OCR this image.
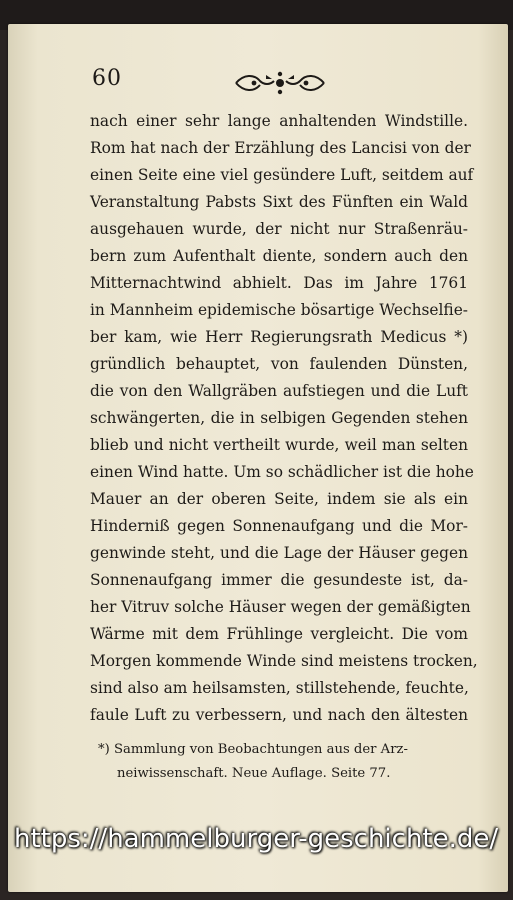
60
nach einer sehr lange anhaltenden Windstille.
Rom hat nach der Erzählung des Lancisi von der
einen Seite eine viel gesündere Luft, seitdem auf
Veranstaltung Pabsts Sixt des Fünften ein Wald
ausgehauen wurde, der nicht nur Straßenräu-
bern zum Aufenthalt diente, sondern auch den
Mitternachtwind abhielt. Das im Jahre 1761
in Mannheim epidemische bösartige Wechselfie-
ber kam, wie Herr Regierungsrath Medicus *)
gründlich behauptet, von faulenden Dünsten,
die von den Wallgräben aufstiegen und die Luft
schwängerten, die in selbigen Gegenden stehen
blieb und nicht vertheilt wurde, weil man selten
einen Wind hatte. Um so schädlicher ist die hohe
Mauer an der oberen Seite, indem sie als ein
Hinderniß gegen Sonnenaufgang und die Mor-
genwinde steht, und die Lage der Häuser gegen
Sonnenaufgang immer die gesundeste ist, da-
her Vitruv solche Häuser wegen der gemäßigten
Wärme mit dem Frühlinge vergleicht. Die vom
Morgen kommende Winde sind meistens trocken,
sind also am heilsamsten, stillstehende, feuchte,
faule Luft zu verbessern, und nach den ältesten
*) Sammlung von Beobachtungen aus der Arz-
neiwissenschaft. Neue Auflage. Seite 77.
https://hammelburger-geschichte.de/
